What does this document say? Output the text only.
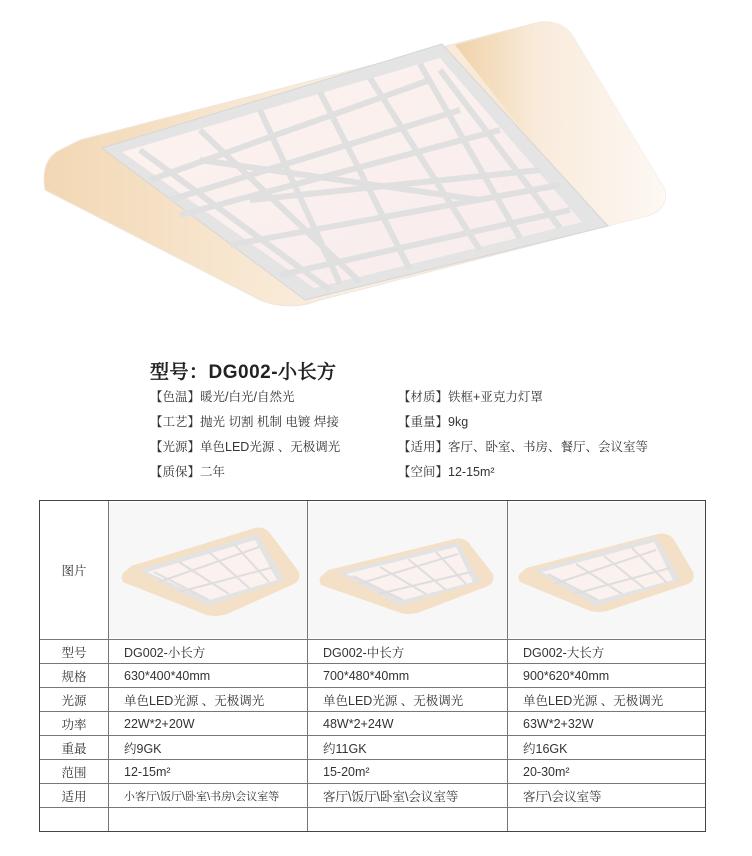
型号：DG002-小长方
【色温】暖光/白光/自然光	【材质】铁框+亚克力灯罩
【工艺】抛光 切割 机制 电镀 焊接	【重量】9kg
【光源】单色LED光源 、无极调光	【适用】客厅、卧室、书房、餐厅、会议室等
【质保】二年	【空间】12-15m²
图片
型号	DG002-小长方	DG002-中长方	DG002-大长方
规格	630*400*40mm	700*480*40mm	900*620*40mm
光源	单色LED光源 、无极调光	单色LED光源 、无极调光	单色LED光源 、无极调光
功率	22W*2+20W	48W*2+24W	63W*2+32W
重最	约9GK	约11GK	约16GK
范围	12-15m²	15-20m²	20-30m²
适用	小客厅\饭厅\卧室\书房\会议室等	客厅\饭厅\卧室\会议室等	客厅\会议室等
